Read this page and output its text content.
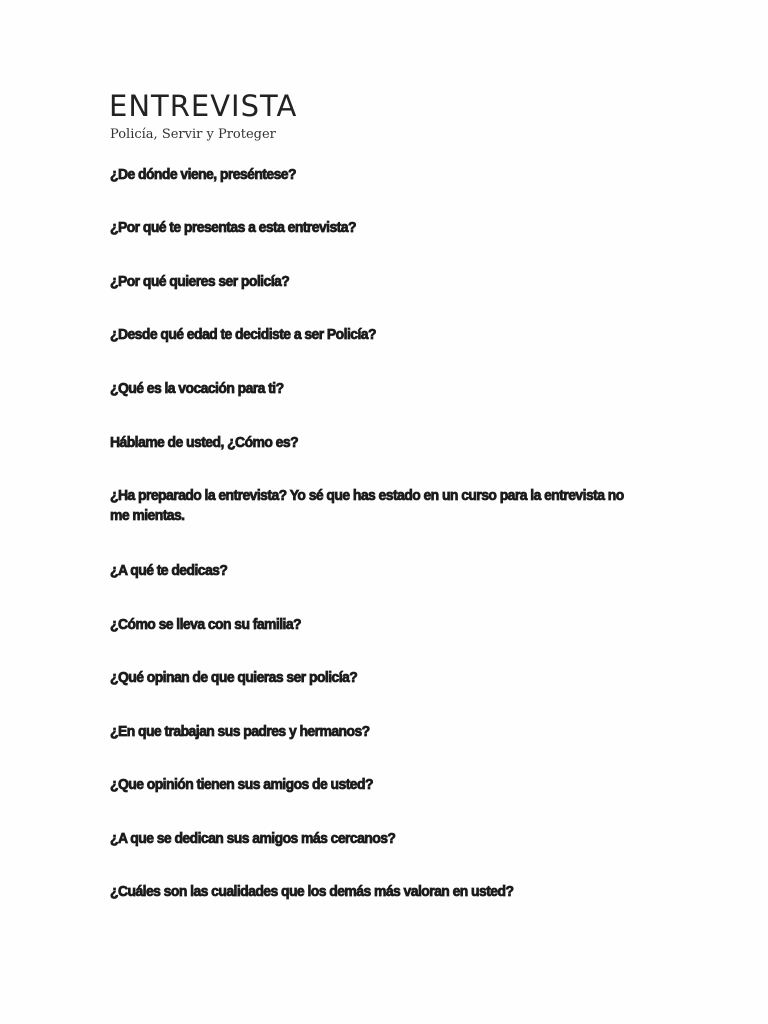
ENTREVISTA

Policía, Servir y Proteger

¿De dónde viene, preséntese?

¿Por qué te presentas a esta entrevista?

¿Por qué quieres ser policía?

¿Desde qué edad te decidiste a ser Policía?

¿Qué es la vocación para ti?

Háblame de usted, ¿Cómo es?

¿Ha preparado la entrevista? Yo sé que has estado en un curso para la entrevista no me mientas.

¿A qué te dedicas?

¿Cómo se lleva con su familia?

¿Qué opinan de que quieras ser policía?

¿En que trabajan sus padres y hermanos?

¿Que opinión tienen sus amigos de usted?

¿A que se dedican sus amigos más cercanos?

¿Cuáles son las cualidades que los demás más valoran en usted?
